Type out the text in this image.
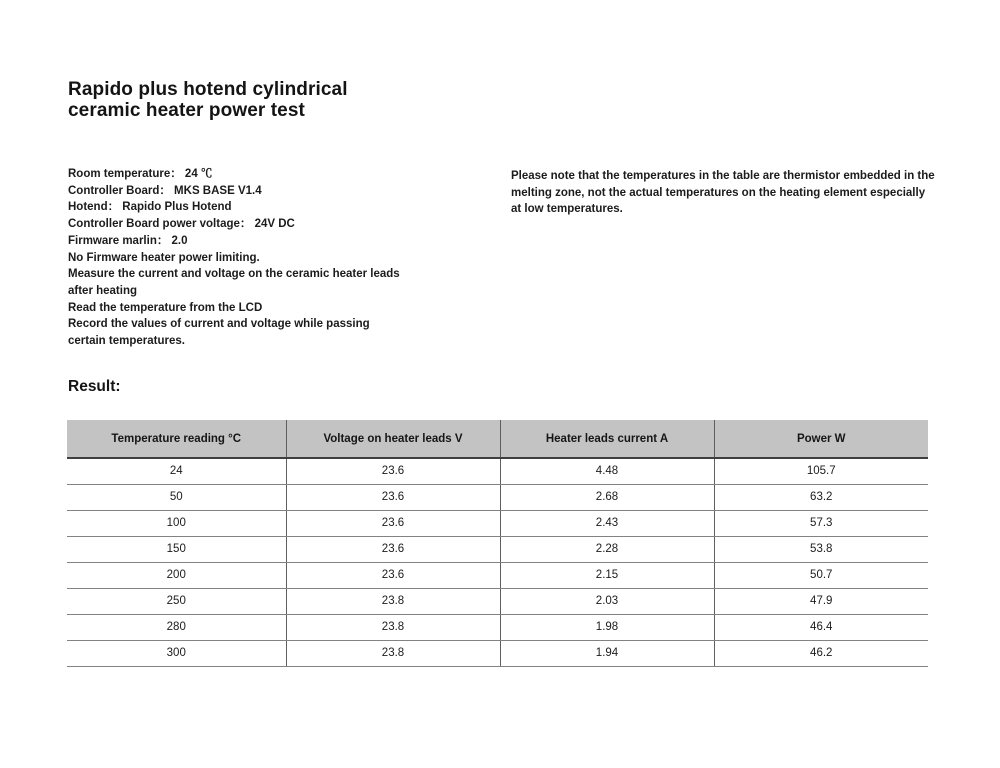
Rapido plus hotend cylindrical
ceramic heater power test
Room temperature： 24 ℃
Controller Board： MKS BASE V1.4
Hotend： Rapido Plus Hotend
Controller Board power voltage： 24V DC
Firmware marlin： 2.0
No Firmware heater power limiting.
Measure the current and voltage on the ceramic heater leads after heating
Read the temperature from the LCD
Record the values of current and voltage while passing certain temperatures.
Please note that the temperatures in the table are thermistor embedded in the melting zone, not the actual temperatures on the heating element especially at low temperatures.
Result:
Temperature reading °C	Voltage on heater leads V	Heater leads current A	Power W
24	23.6	4.48	105.7
50	23.6	2.68	63.2
100	23.6	2.43	57.3
150	23.6	2.28	53.8
200	23.6	2.15	50.7
250	23.8	2.03	47.9
280	23.8	1.98	46.4
300	23.8	1.94	46.2
